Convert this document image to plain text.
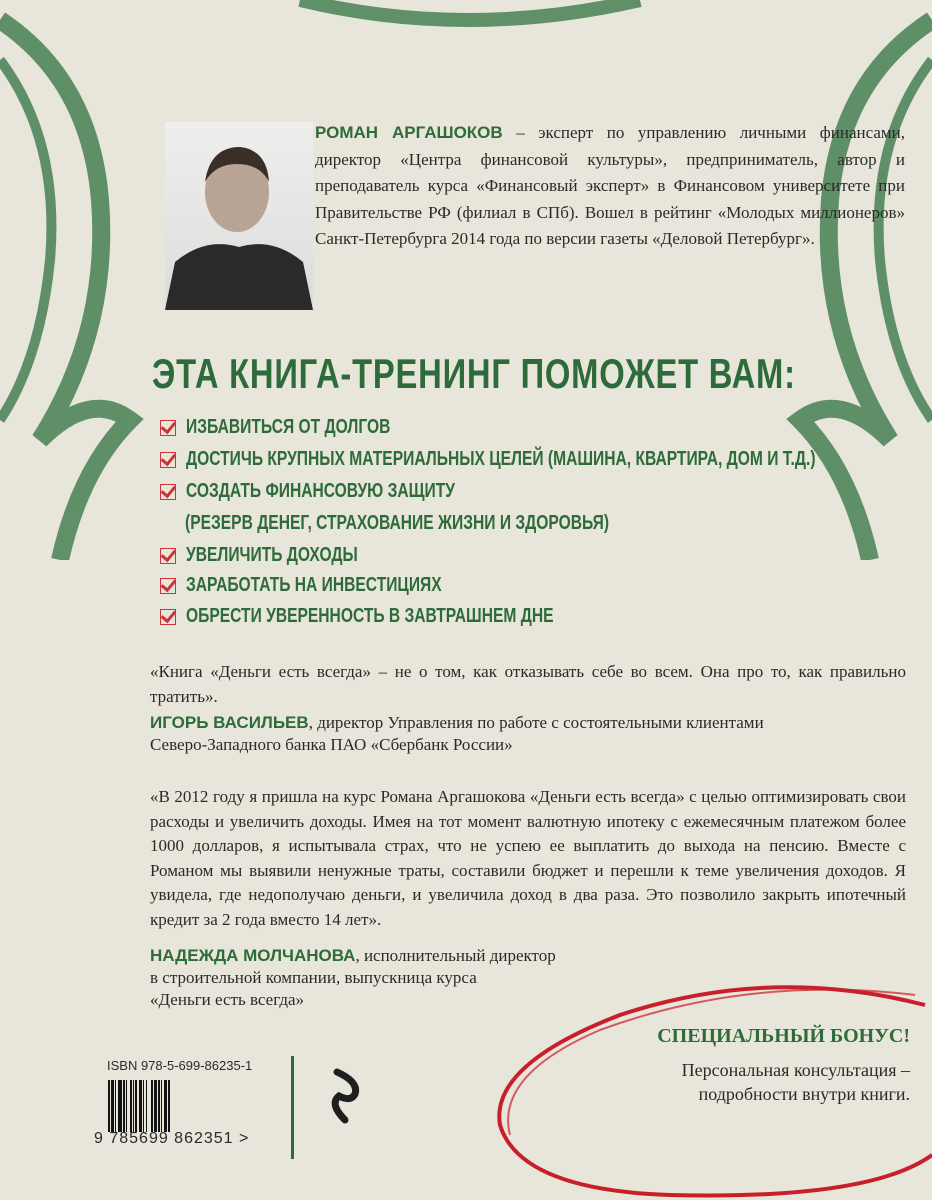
РОМАН АРГАШОКОВ – эксперт по управлению личными финансами, директор «Центра финансовой культуры», предприниматель, автор и преподаватель курса «Финансовый эксперт» в Финансовом университете при Правительстве РФ (филиал в СПб). Вошел в рейтинг «Молодых миллионеров» Санкт-Петербурга 2014 года по версии газеты «Деловой Петербург».
ЭТА КНИГА-ТРЕНИНГ ПОМОЖЕТ ВАМ:
ИЗБАВИТЬСЯ ОТ ДОЛГОВ
ДОСТИЧЬ КРУПНЫХ МАТЕРИАЛЬНЫХ ЦЕЛЕЙ (МАШИНА, КВАРТИРА, ДОМ И Т.Д.)
СОЗДАТЬ ФИНАНСОВУЮ ЗАЩИТУ
(РЕЗЕРВ ДЕНЕГ, СТРАХОВАНИЕ ЖИЗНИ И ЗДОРОВЬЯ)
УВЕЛИЧИТЬ ДОХОДЫ
ЗАРАБОТАТЬ НА ИНВЕСТИЦИЯХ
ОБРЕСТИ УВЕРЕННОСТЬ В ЗАВТРАШНЕМ ДНЕ
«Книга «Деньги есть всегда» – не о том, как отказывать себе во всем. Она про то, как правильно тратить».
ИГОРЬ ВАСИЛЬЕВ, директор Управления по работе с состоятельными клиентами
Северо-Западного банка ПАО «Сбербанк России»
«В 2012 году я пришла на курс Романа Аргашокова «Деньги есть всегда» с целью оптимизировать свои расходы и увеличить доходы. Имея на тот момент валютную ипотеку с ежемесячным платежом более 1000 долларов, я испытывала страх, что не успею ее выплатить до выхода на пенсию. Вместе с Романом мы выявили ненужные траты, составили бюджет и перешли к теме увеличения доходов. Я увидела, где недополучаю деньги, и увеличила доход в два раза. Это позволило закрыть ипотечный кредит за 2 года вместо 14 лет».
НАДЕЖДА МОЛЧАНОВА, исполнительный директор
в строительной компании, выпускница курса
«Деньги есть всегда»
ISBN 978-5-699-86235-1
9 785699 862351 >
СПЕЦИАЛЬНЫЙ БОНУС!
Персональная консультация –
подробности внутри книги.
